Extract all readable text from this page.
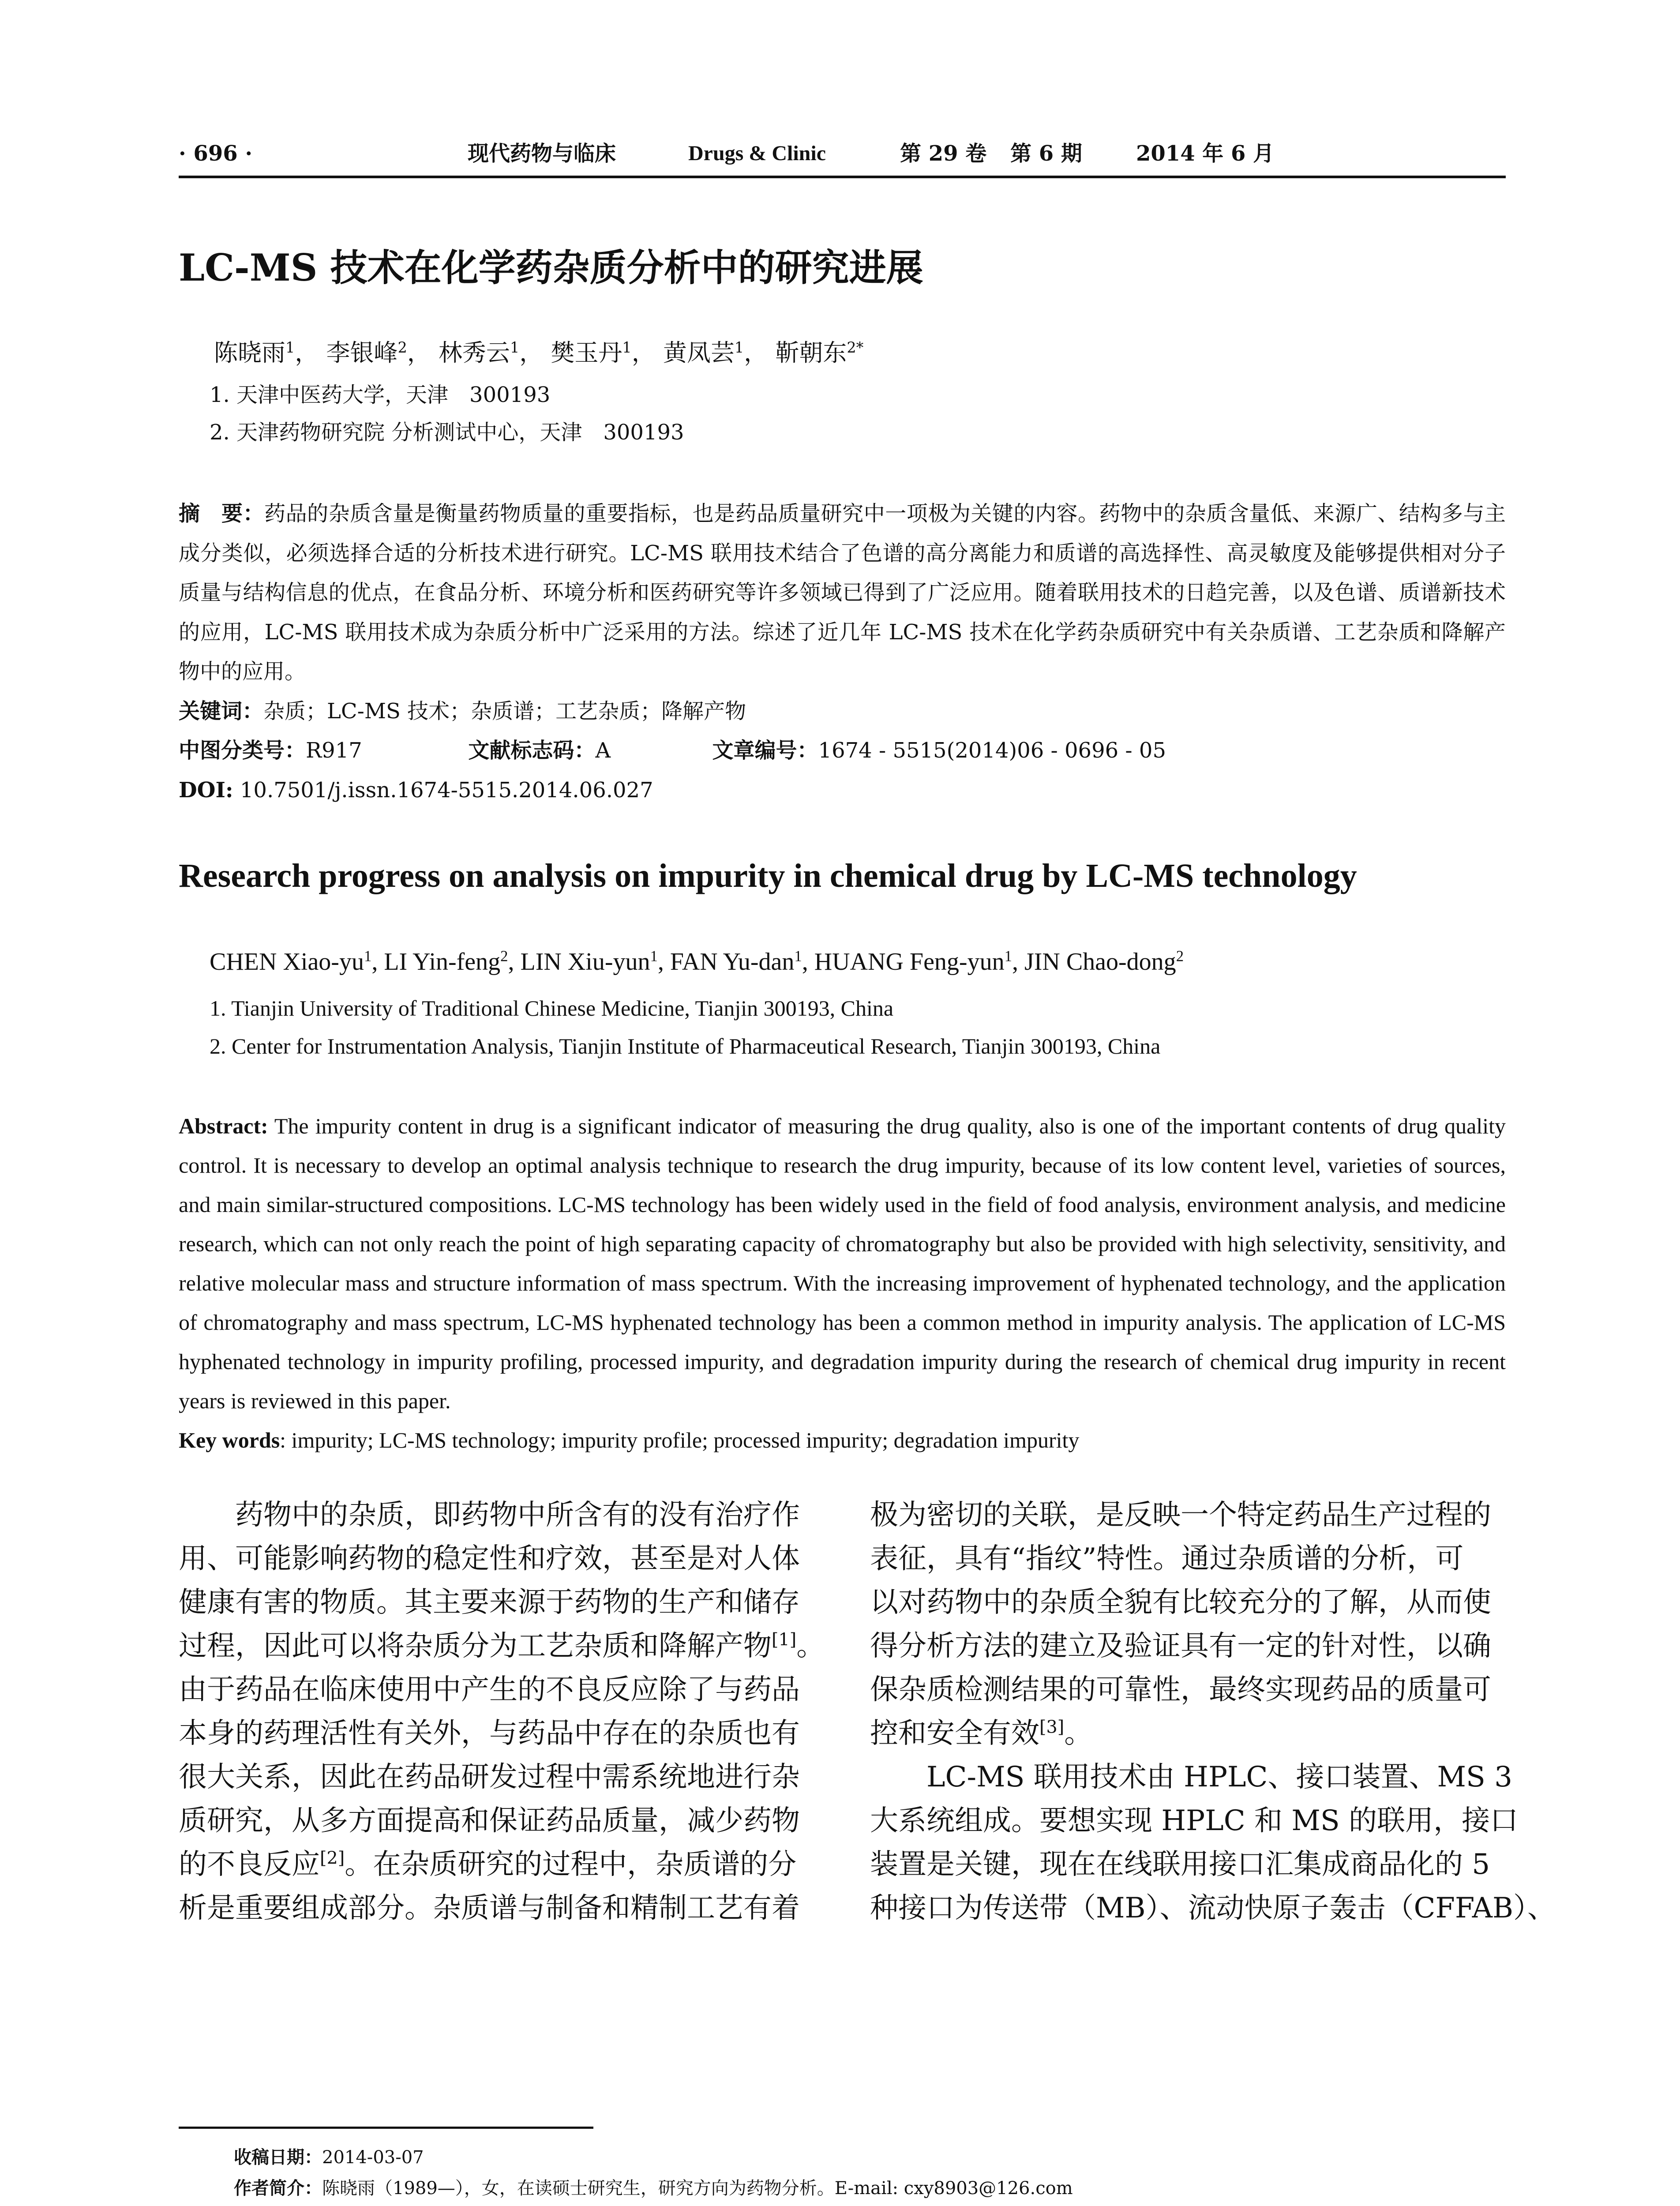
· 696 ·	现代药物与临床	Drugs & Clinic	第 29 卷 第 6 期	2014 年 6 月
LC-MS 技术在化学药杂质分析中的研究进展
陈晓雨$^1$， 李银峰$^2$， 林秀云$^1$， 樊玉丹$^1$， 黄凤芸$^1$， 靳朝东$^{2*}$
1. 天津中医药大学，天津　300193
2. 天津药物研究院 分析测试中心，天津　300193

摘　要：药品的杂质含量是衡量药物质量的重要指标，也是药品质量研究中一项极为关键的内容。药物中的杂质含量低、来源广、结构多与主成分类似，必须选择合适的分析技术进行研究。LC-MS 联用技术结合了色谱的高分离能力和质谱的高选择性、高灵敏度及能够提供相对分子质量与结构信息的优点，在食品分析、环境分析和医药研究等许多领域已得到了广泛应用。随着联用技术的日趋完善，以及色谱、质谱新技术的应用，LC-MS 联用技术成为杂质分析中广泛采用的方法。综述了近几年 LC-MS 技术在化学药杂质研究中有关杂质谱、工艺杂质和降解产物中的应用。

关键词：杂质；LC-MS 技术；杂质谱；工艺杂质；降解产物

中图分类号：R917	文献标志码：A	文章编号：1674 - 5515(2014)06 - 0696 - 05

DOI: 10.7501/j.issn.1674-5515.2014.06.027

Research progress on analysis on impurity in chemical drug by LC-MS technology
CHEN Xiao-$yu^1$, LI Yin-feng$^2$, LIN Xiu-yun$^1$, FAN Yu-dan$^1$, HUANG Feng-yun$^1$, JIN Chao-dong$^2$
1. Tianjin University of Traditional Chinese Medicine, Tianjin 300193, China
2. Center for Instrumentation Analysis, Tianjin Institute of Pharmaceutical Research, Tianjin 300193, China

Abstract: The impurity content in drug is a significant indicator of measuring the drug quality, also is one of the important contents of drug quality control. It is necessary to develop an optimal analysis technique to research the drug impurity, because of its low content level, varieties of sources, and main similar-structured compositions. LC-MS technology has been widely used in the field of food analysis, environment analysis, and medicine research, which can not only reach the point of high separating capacity of chromatography but also be provided with high selectivity, sensitivity, and relative molecular mass and structure information of mass spectrum. With the increasing improvement of hyphenated technology, and the application of chromatography and mass spectrum, LC-MS hyphenated technology has been a common method in impurity analysis. The application of LC-MS hyphenated technology in impurity profiling, processed impurity, and degradation impurity during the research of chemical drug impurity in recent years is reviewed in this paper.

Key words: impurity; LC-MS technology; impurity profile; processed impurity; degradation impurity

药物中的杂质，即药物中所含有的没有治疗作
用、可能影响药物的稳定性和疗效，甚至是对人体
健康有害的物质。其主要来源于药物的生产和储存
过程，因此可以将杂质分为工艺杂质和降解产物[1]。
由于药品在临床使用中产生的不良反应除了与药品
本身的药理活性有关外，与药品中存在的杂质也有
很大关系，因此在药品研发过程中需系统地进行杂
质研究，从多方面提高和保证药品质量，减少药物
的不良反应[2]。在杂质研究的过程中，杂质谱的分
析是重要组成部分。杂质谱与制备和精制工艺有着
极为密切的关联，是反映一个特定药品生产过程的
表征，具有“指纹”特性。通过杂质谱的分析，可
以对药物中的杂质全貌有比较充分的了解，从而使
得分析方法的建立及验证具有一定的针对性，以确
保杂质检测结果的可靠性，最终实现药品的质量可
控和安全有效[3]。
LC-MS 联用技术由 HPLC、接口装置、MS 3
大系统组成。要想实现 HPLC 和 MS 的联用，接口
装置是关键，现在在线联用接口汇集成商品化的 5
种接口为传送带（MB）、流动快原子轰击（CFFAB）、
收稿日期：2014-03-07
作者简介：陈晓雨（1989—），女，在读硕士研究生，研究方向为药物分析。E-mail: cxy8903@126.com
